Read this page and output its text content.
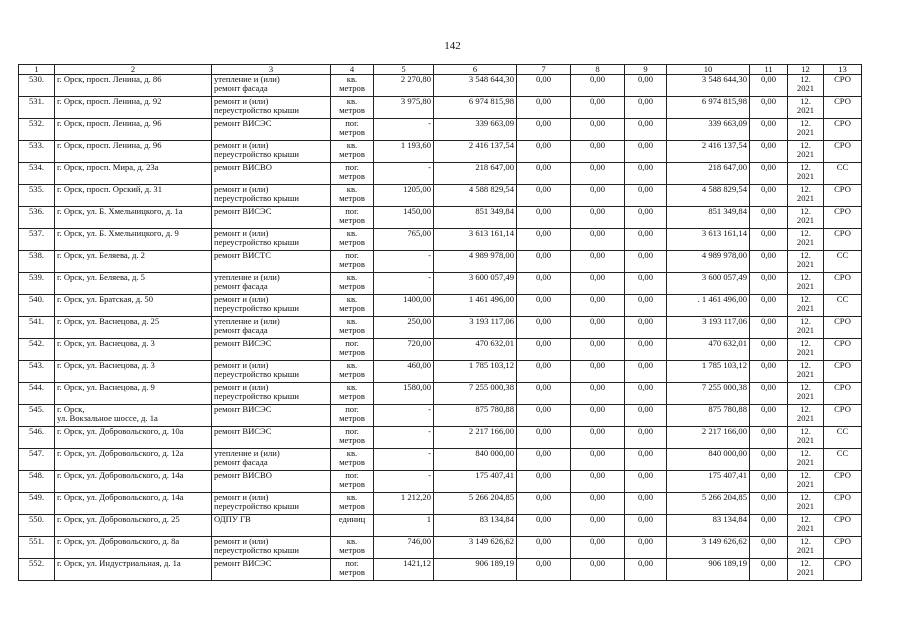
142
1	2	3	4	5	6	7	8	9	10	11	12	13
530.	г. Орск, просп. Ленина, д. 86	утепление и (или)
ремонт фасада	кв.
метров	2 270,80	3 548 644,30	0,00	0,00	0,00	3 548 644,30	0,00	12.
2021	СРО
531.	г. Орск, просп. Ленина, д. 92	ремонт и (или)
переустройство крыши	кв.
метров	3 975,80	6 974 815,98	0,00	0,00	0,00	6 974 815,98	0,00	12.
2021	СРО
532.	г. Орск, просп. Ленина, д. 96	ремонт ВИСЭС	пог.
метров	-	339 663,09	0,00	0,00	0,00	339 663,09	0,00	12.
2021	СРО
533.	г. Орск, просп. Ленина, д. 96	ремонт и (или)
переустройство крыши	кв.
метров	1 193,60	2 416 137,54	0,00	0,00	0,00	2 416 137,54	0,00	12.
2021	СРО
534.	г. Орск, просп. Мира, д. 23а	ремонт ВИСВО	пог.
метров	-	218 647,00	0,00	0,00	0,00	218 647,00	0,00	12.
2021	СС
535.	г. Орск, просп. Орский, д. 31	ремонт и (или)
переустройство крыши	кв.
метров	1205,00	4 588 829,54	0,00	0,00	0,00	4 588 829,54	0,00	12.
2021	СРО
536.	г. Орск, ул. Б. Хмельницкого, д. 1а	ремонт ВИСЭС	пог.
метров	1450,00	851 349,84	0,00	0,00	0,00	851 349,84	0,00	12.
2021	СРО
537.	г. Орск, ул. Б. Хмельницкого, д. 9	ремонт и (или)
переустройство крыши	кв.
метров	765,00	3 613 161,14	0,00	0,00	0,00	3 613 161,14	0,00	12.
2021	СРО
538.	г. Орск, ул. Беляева, д. 2	ремонт ВИСТС	пог.
метров	-	4 989 978,00	0,00	0,00	0,00	4 989 978,00	0,00	12.
2021	СС
539.	г. Орск, ул. Беляева, д. 5	утепление и (или)
ремонт фасада	кв.
метров	-	3 600 057,49	0,00	0,00	0,00	3 600 057,49	0,00	12.
2021	СРО
540.	г. Орск, ул. Братская, д. 50	ремонт и (или)
переустройство крыши	кв.
метров	1400,00	1 461 496,00	0,00	0,00	0,00	. 1 461 496,00	0,00	12.
2021	СС
541.	г. Орск, ул. Васнецова, д. 25	утепление и (или)
ремонт фасада	кв.
метров	250,00	3 193 117,06	0,00	0,00	0,00	3 193 117,06	0,00	12.
2021	СРО
542.	г. Орск, ул. Васнецова, д. 3	ремонт ВИСЭС	пог.
метров	720,00	470 632,01	0,00	0,00	0,00	470 632,01	0,00	12.
2021	СРО
543.	г. Орск, ул. Васнецова, д. 3	ремонт и (или)
переустройство крыши	кв.
метров	460,00	1 785 103,12	0,00	0,00	0,00	1 785 103,12	0,00	12.
2021	СРО
544.	г. Орск, ул. Васнецова, д. 9	ремонт и (или)
переустройство крыши	кв.
метров	1580,00	7 255 000,38	0,00	0,00	0,00	7 255 000,38	0,00	12.
2021	СРО
545.	г. Орск,
ул. Вокзальное шоссе, д. 1а	ремонт ВИСЭС	пог.
метров	-	875 780,88	0,00	0,00	0,00	875 780,88	0,00	12.
2021	СРО
546.	г. Орск, ул. Добровольского, д. 10а	ремонт ВИСЭС	пог.
метров	-	2 217 166,00	0,00	0,00	0,00	2 217 166,00	0,00	12.
2021	СС
547.	г. Орск, ул. Добровольского, д. 12а	утепление и (или)
ремонт фасада	кв.
метров	-	840 000,00	0,00	0,00	0,00	840 000,00	0,00	12.
2021	СС
548.	г. Орск, ул. Добровольского, д. 14а	ремонт ВИСВО	пог.
метров	-	175 407,41	0,00	0,00	0,00	175 407,41	0,00	12.
2021	СРО
549.	г. Орск, ул. Добровольского, д. 14а	ремонт и (или)
переустройство крыши	кв.
метров	1 212,20	5 266 204,85	0,00	0,00	0,00	5 266 204,85	0,00	12.
2021	СРО
550.	г. Орск, ул. Добровольского, д. 25	ОДПУ ГВ	единиц	1	83 134,84	0,00	0,00	0,00	83 134,84	0,00	12.
2021	СРО
551.	г. Орск, ул. Добровольского, д. 8а	ремонт и (или)
переустройство крыши	кв.
метров	746,00	3 149 626,62	0,00	0,00	0,00	3 149 626,62	0,00	12.
2021	СРО
552.	г. Орск, ул. Индустриальная, д. 1а	ремонт ВИСЭС	пог.
метров	1421,12	906 189,19	0,00	0,00	0,00	906 189,19	0,00	12.
2021	СРО
